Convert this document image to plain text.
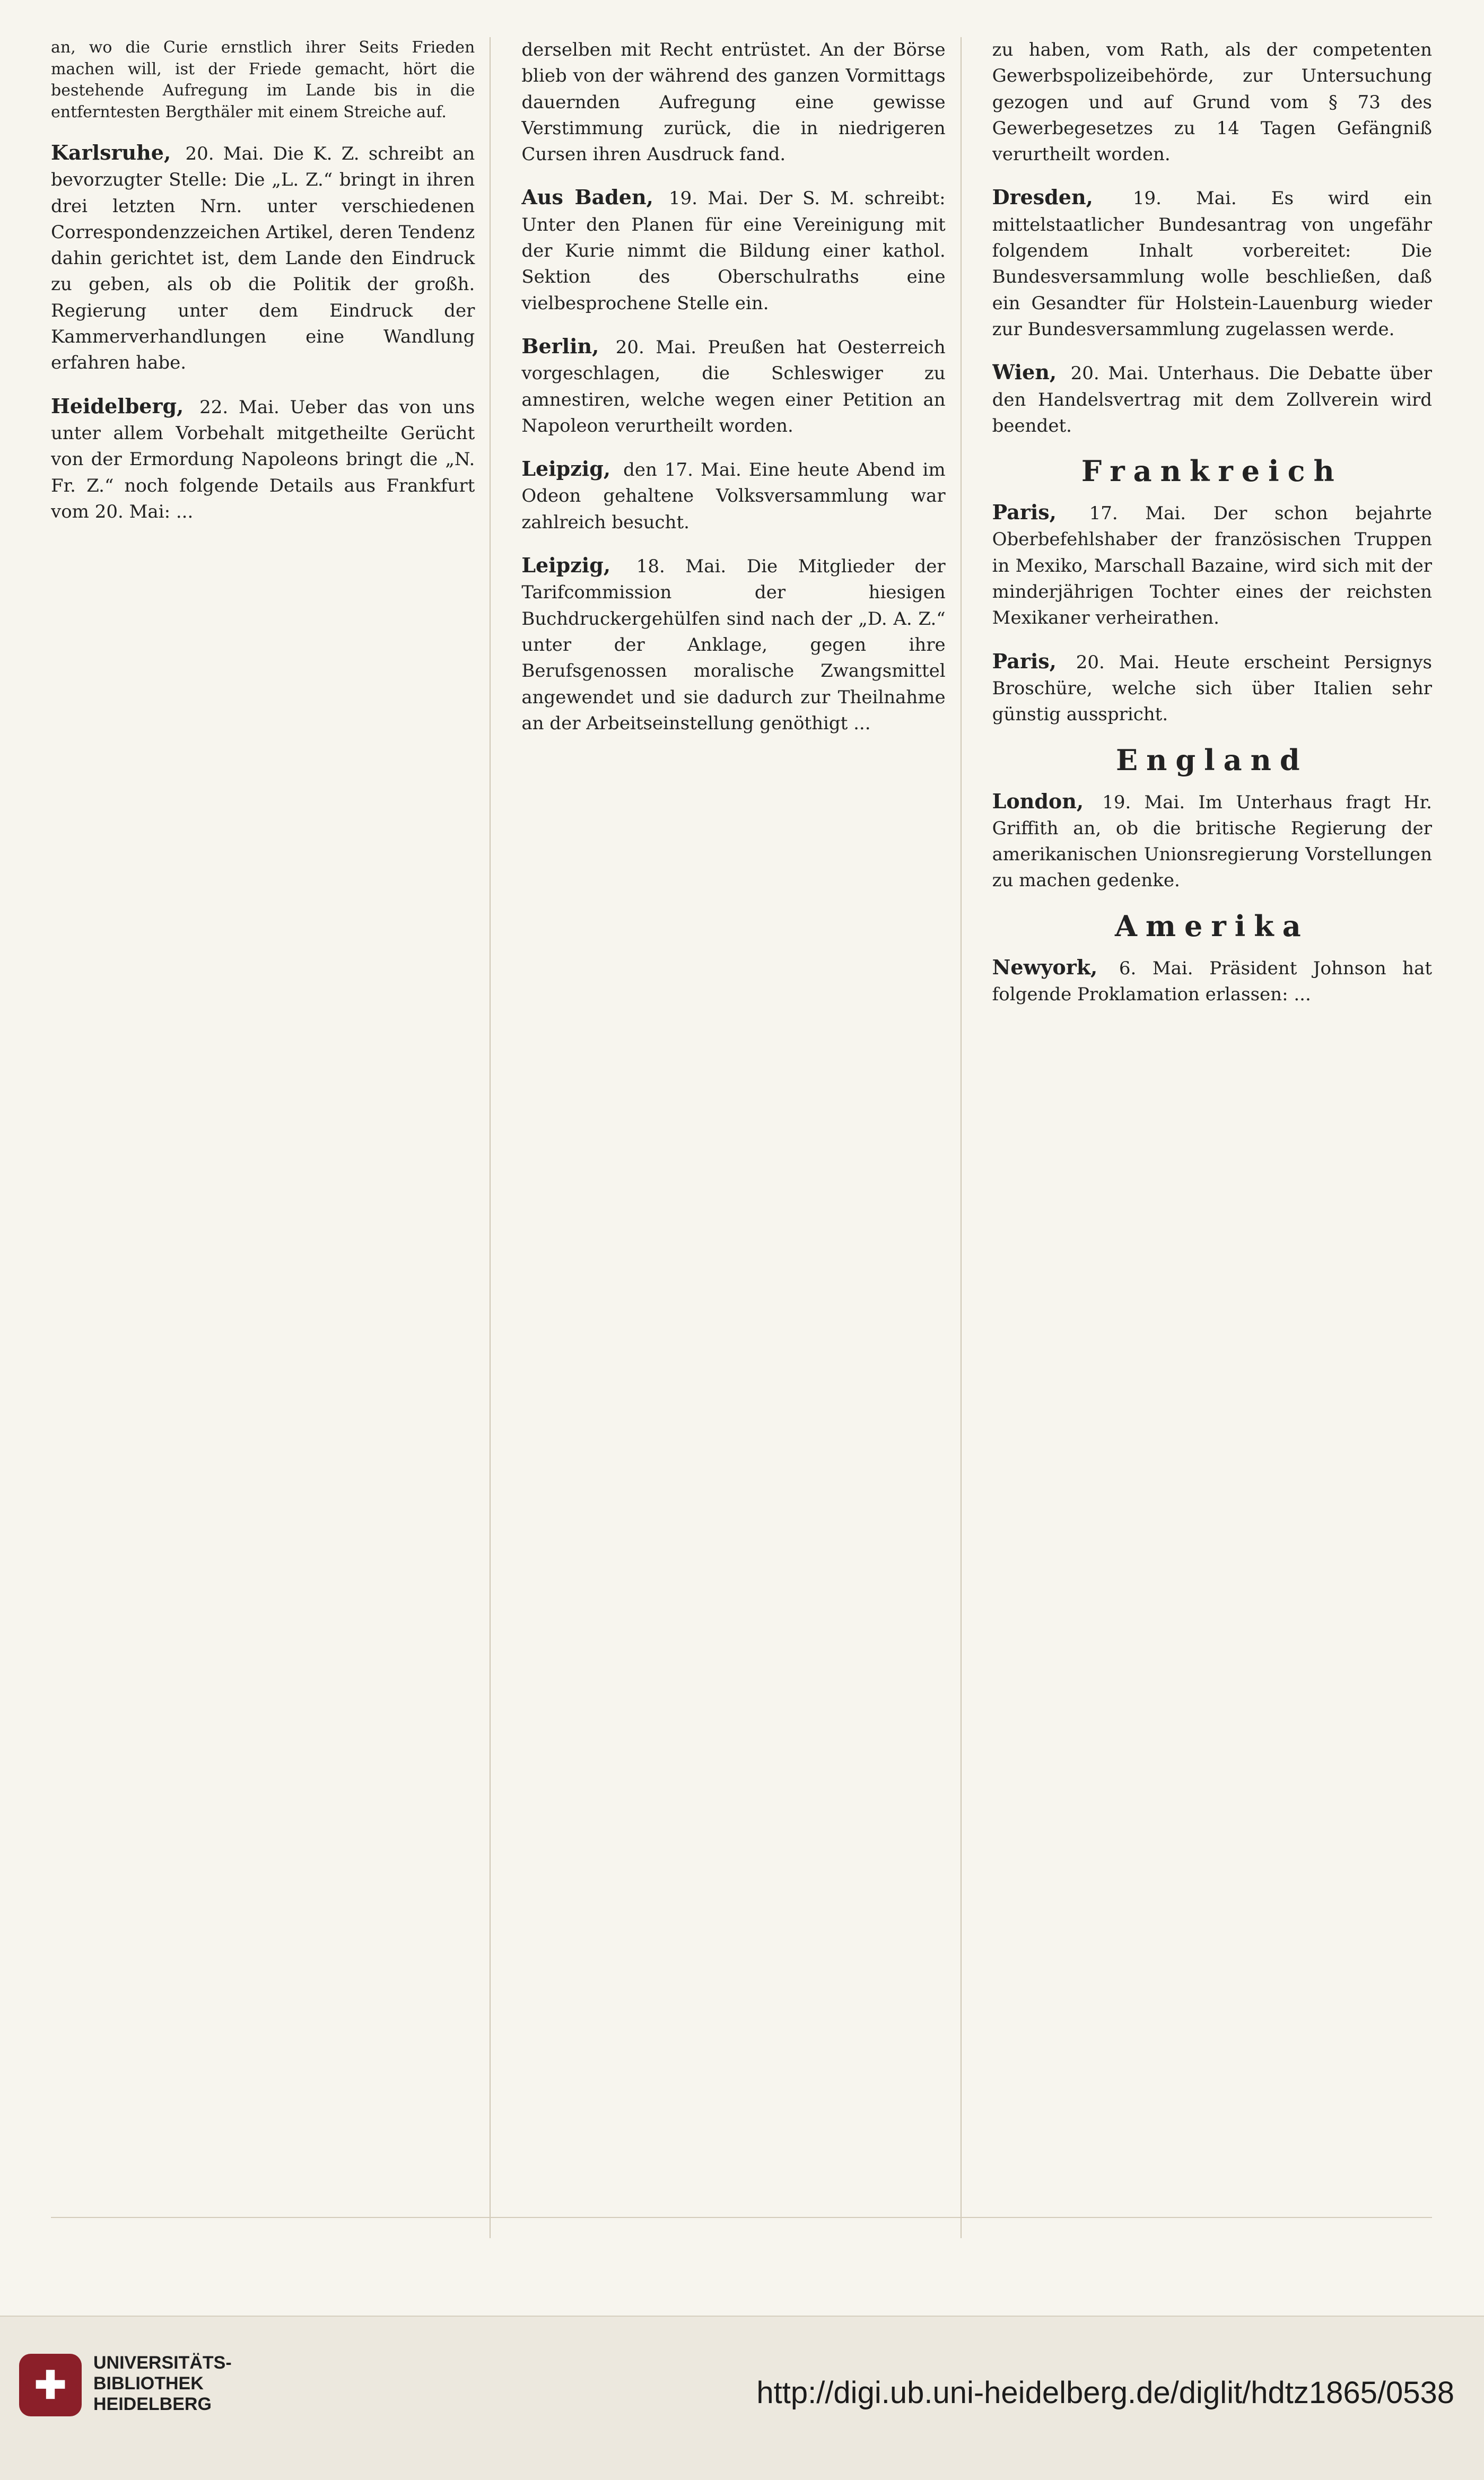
an, wo die Curie ernstlich ihrer Seits Frieden machen will, ist der Friede gemacht, hört die bestehende Aufregung im Lande bis in die entferntesten Bergthäler mit einem Streiche auf.
Karlsruhe, 20. Mai. Die K. Z. schreibt an bevorzugter Stelle: Die „L. Z.“ bringt in ihren drei letzten Nrn. unter verschiedenen Correspondenzzeichen Artikel, deren Tendenz dahin gerichtet ist, dem Lande den Eindruck zu geben, als ob die Politik der großh. Regierung unter dem Eindruck der Kammerverhandlungen eine Wandlung erfahren habe.
Heidelberg, 22. Mai. Ueber das von uns unter allem Vorbehalt mitgetheilte Gerücht von der Ermordung Napoleons bringt die „N. Fr. Z.“ noch folgende Details aus Frankfurt vom 20. Mai: ...
derselben mit Recht entrüstet. An der Börse blieb von der während des ganzen Vormittags dauernden Aufregung eine gewisse Verstimmung zurück, die in niedrigeren Cursen ihren Ausdruck fand.
Aus Baden, 19. Mai. Der S. M. schreibt: Unter den Planen für eine Vereinigung mit der Kurie nimmt die Bildung einer kathol. Sektion des Oberschulraths eine vielbesprochene Stelle ein.
Berlin, 20. Mai. Preußen hat Oesterreich vorgeschlagen, die Schleswiger zu amnestiren, welche wegen einer Petition an Napoleon verurtheilt worden.
Leipzig, den 17. Mai. Eine heute Abend im Odeon gehaltene Volksversammlung war zahlreich besucht.
Leipzig, 18. Mai. Die Mitglieder der Tarifcommission der hiesigen Buchdruckergehülfen sind nach der „D. A. Z.“ unter der Anklage, gegen ihre Berufsgenossen moralische Zwangsmittel angewendet und sie dadurch zur Theilnahme an der Arbeitseinstellung genöthigt ...
zu haben, vom Rath, als der competenten Gewerbspolizeibehörde, zur Untersuchung gezogen und auf Grund vom § 73 des Gewerbegesetzes zu 14 Tagen Gefängniß verurtheilt worden.
Dresden, 19. Mai. Es wird ein mittelstaatlicher Bundesantrag von ungefähr folgendem Inhalt vorbereitet: Die Bundesversammlung wolle beschließen, daß ein Gesandter für Holstein-Lauenburg wieder zur Bundesversammlung zugelassen werde.
Wien, 20. Mai. Unterhaus. Die Debatte über den Handelsvertrag mit dem Zollverein wird beendet.
Frankreich
Paris, 17. Mai. Der schon bejahrte Oberbefehlshaber der französischen Truppen in Mexiko, Marschall Bazaine, wird sich mit der minderjährigen Tochter eines der reichsten Mexikaner verheirathen.
Paris, 20. Mai. Heute erscheint Persignys Broschüre, welche sich über Italien sehr günstig ausspricht.
England
London, 19. Mai. Im Unterhaus fragt Hr. Griffith an, ob die britische Regierung der amerikanischen Unionsregierung Vorstellungen zu machen gedenke.
Amerika
Newyork, 6. Mai. Präsident Johnson hat folgende Proklamation erlassen: ...
✚
UNIVERSITÄTS-
BIBLIOTHEK
HEIDELBERG	http://digi.ub.uni-heidelberg.de/diglit/hdtz1865/0538
